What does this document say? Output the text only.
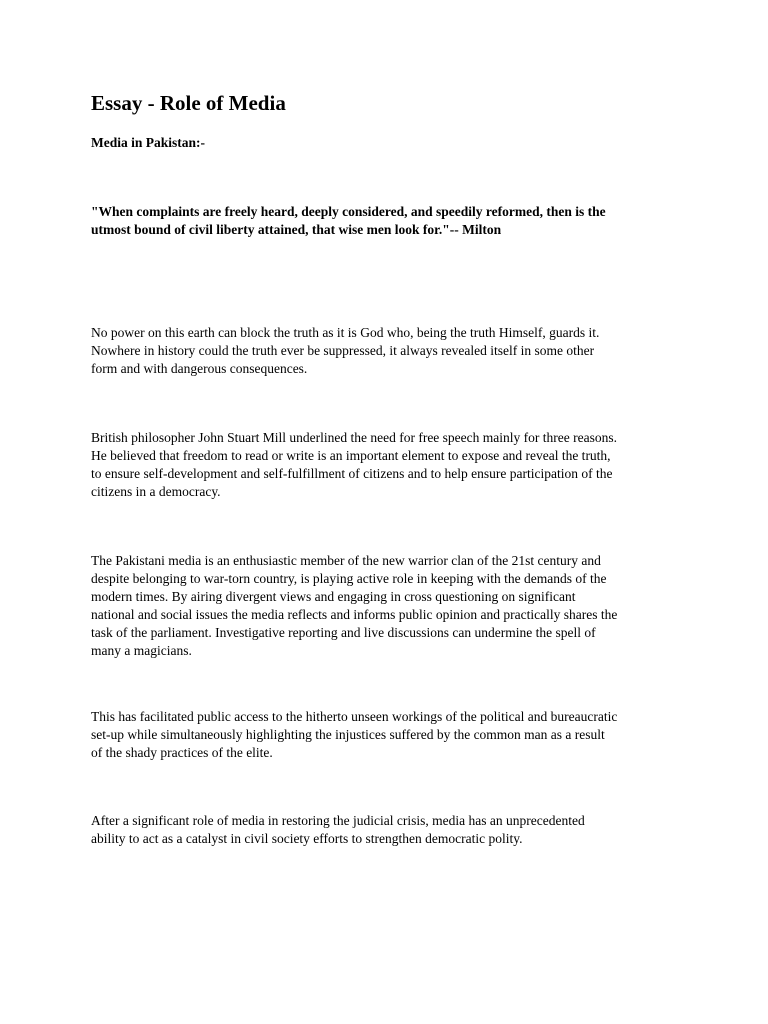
Essay - Role of Media

Media in Pakistan:-

"When complaints are freely heard, deeply considered, and speedily reformed, then is the
utmost bound of civil liberty attained, that wise men look for."-- Milton

No power on this earth can block the truth as it is God who, being the truth Himself, guards it.
Nowhere in history could the truth ever be suppressed, it always revealed itself in some other
form and with dangerous consequences.

British philosopher John Stuart Mill underlined the need for free speech mainly for three reasons.
He believed that freedom to read or write is an important element to expose and reveal the truth,
to ensure self-development and self-fulfillment of citizens and to help ensure participation of the
citizens in a democracy.

The Pakistani media is an enthusiastic member of the new warrior clan of the 21st century and
despite belonging to war-torn country, is playing active role in keeping with the demands of the
modern times. By airing divergent views and engaging in cross questioning on significant
national and social issues the media reflects and informs public opinion and practically shares the
task of the parliament. Investigative reporting and live discussions can undermine the spell of
many a magicians.

This has facilitated public access to the hitherto unseen workings of the political and bureaucratic
set-up while simultaneously highlighting the injustices suffered by the common man as a result
of the shady practices of the elite.

After a significant role of media in restoring the judicial crisis, media has an unprecedented
ability to act as a catalyst in civil society efforts to strengthen democratic polity.
